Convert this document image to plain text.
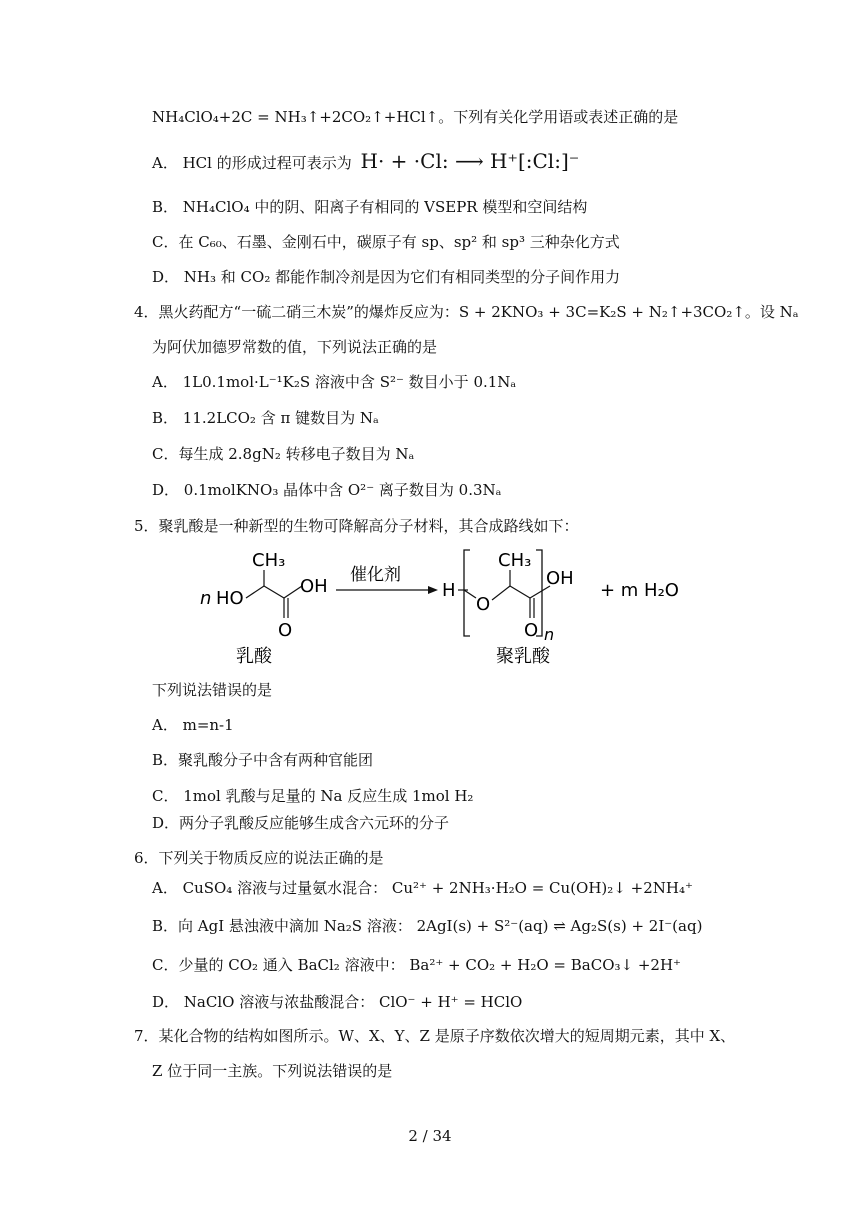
NH₄ClO₄+2C = NH₃↑+2CO₂↑+HCl↑。下列有关化学用语或表述正确的是
A． HCl 的形成过程可表示为 H· + ·Cl: ⟶ H⁺[:Cl:]⁻
B． NH₄ClO₄ 中的阴、阳离子有相同的 VSEPR 模型和空间结构
C．在 C₆₀、石墨、金刚石中，碳原子有 sp、sp² 和 sp³ 三种杂化方式
D． NH₃ 和 CO₂ 都能作制冷剂是因为它们有相同类型的分子间作用力
4．黑火药配方“一硫二硝三木炭”的爆炸反应为：S + 2KNO₃ + 3C=K₂S + N₂↑+3CO₂↑。设 Nₐ
为阿伏加德罗常数的值，下列说法正确的是
A． 1L0.1mol·L⁻¹K₂S 溶液中含 S²⁻ 数目小于 0.1Nₐ
B． 11.2LCO₂ 含 π 键数目为 Nₐ
C．每生成 2.8gN₂ 转移电子数目为 Nₐ
D． 0.1molKNO₃ 晶体中含 O²⁻ 离子数目为 0.3Nₐ
5．聚乳酸是一种新型的生物可降解高分子材料，其合成路线如下：
n HO
CH₃
O
OH
催化剂
H
O
CH₃
O
OH
n
+ m H₂O
乳酸	聚乳酸
下列说法错误的是
A． m=n-1
B．聚乳酸分子中含有两种官能团
C． 1mol 乳酸与足量的 Na 反应生成 1mol H₂
D．两分子乳酸反应能够生成含六元环的分子
6．下列关于物质反应的说法正确的是
A． CuSO₄ 溶液与过量氨水混合： Cu²⁺ + 2NH₃·H₂O = Cu(OH)₂↓ +2NH₄⁺
B．向 AgI 悬浊液中滴加 Na₂S 溶液： 2AgI(s) + S²⁻(aq) ⇌ Ag₂S(s) + 2I⁻(aq)
C．少量的 CO₂ 通入 BaCl₂ 溶液中： Ba²⁺ + CO₂ + H₂O = BaCO₃↓ +2H⁺
D． NaClO 溶液与浓盐酸混合： ClO⁻ + H⁺ = HClO
7．某化合物的结构如图所示。W、X、Y、Z 是原子序数依次增大的短周期元素，其中 X、
Z 位于同一主族。下列说法错误的是
2 / 34
